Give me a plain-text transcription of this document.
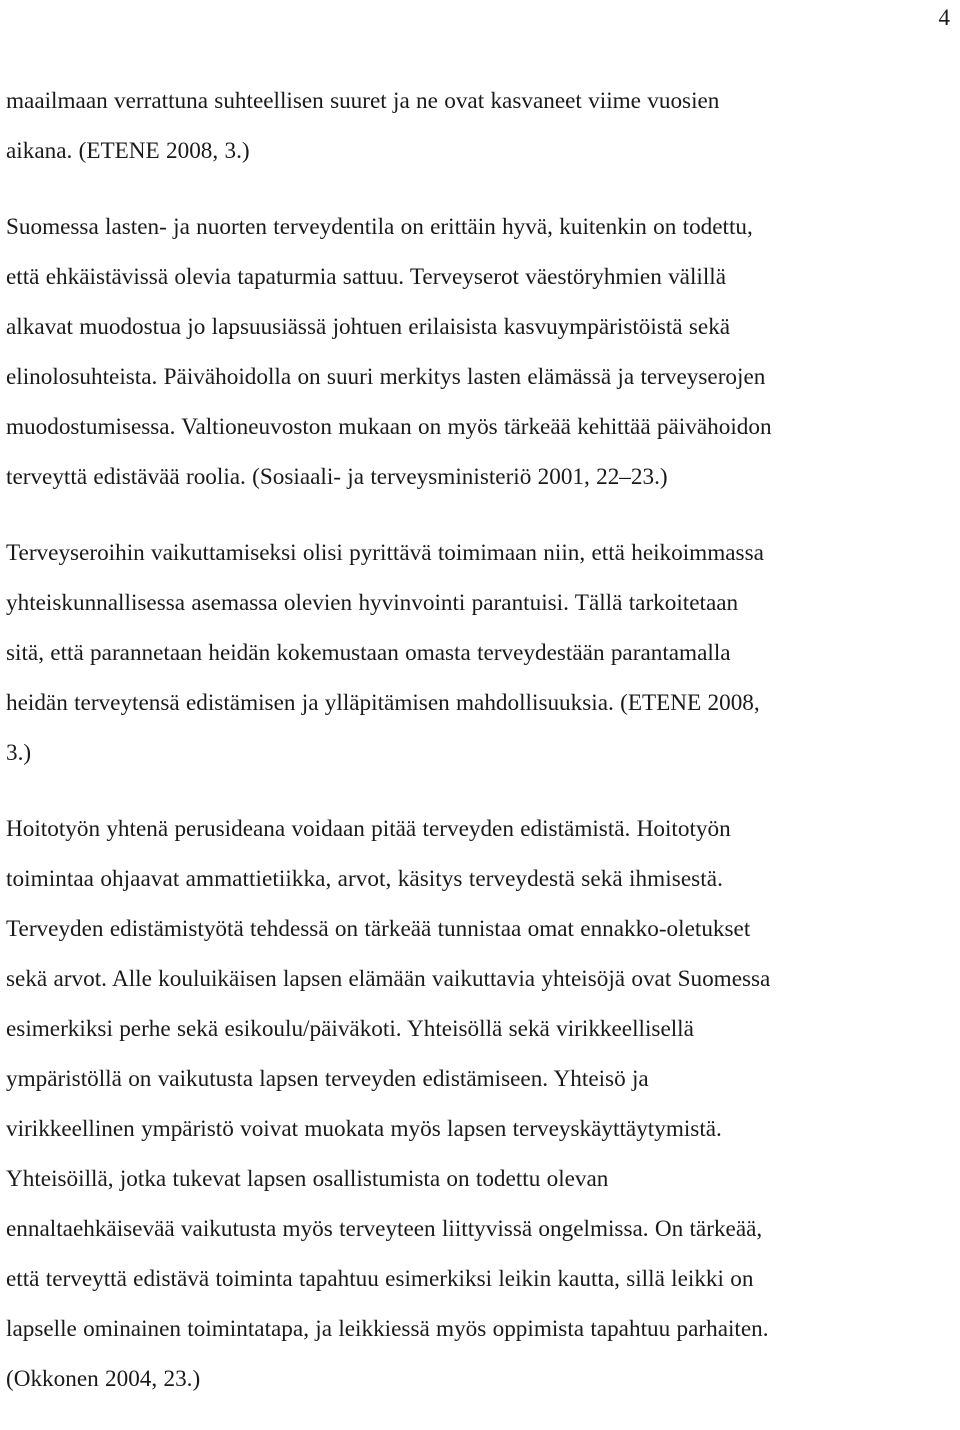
4

maailmaan verrattuna suhteellisen suuret ja ne ovat kasvaneet viime vuosien
aikana. (ETENE 2008, 3.)

Suomessa lasten- ja nuorten terveydentila on erittäin hyvä, kuitenkin on todettu,
että ehkäistävissä olevia tapaturmia sattuu. Terveyserot väestöryhmien välillä
alkavat muodostua jo lapsuusiässä johtuen erilaisista kasvuympäristöistä sekä
elinolosuhteista. Päivähoidolla on suuri merkitys lasten elämässä ja terveyserojen
muodostumisessa. Valtioneuvoston mukaan on myös tärkeää kehittää päivähoidon
terveyttä edistävää roolia. (Sosiaali- ja terveysministeriö 2001, 22–23.)

Terveyseroihin vaikuttamiseksi olisi pyrittävä toimimaan niin, että heikoimmassa
yhteiskunnallisessa asemassa olevien hyvinvointi parantuisi. Tällä tarkoitetaan
sitä, että parannetaan heidän kokemustaan omasta terveydestään parantamalla
heidän terveytensä edistämisen ja ylläpitämisen mahdollisuuksia. (ETENE 2008,
3.)

Hoitotyön yhtenä perusideana voidaan pitää terveyden edistämistä. Hoitotyön
toimintaa ohjaavat ammattietiikka, arvot, käsitys terveydestä sekä ihmisestä.
Terveyden edistämistyötä tehdessä on tärkeää tunnistaa omat ennakko-oletukset
sekä arvot. Alle kouluikäisen lapsen elämään vaikuttavia yhteisöjä ovat Suomessa
esimerkiksi perhe sekä esikoulu/päiväkoti. Yhteisöllä sekä virikkeellisellä
ympäristöllä on vaikutusta lapsen terveyden edistämiseen. Yhteisö ja
virikkeellinen ympäristö voivat muokata myös lapsen terveyskäyttäytymistä.
Yhteisöillä, jotka tukevat lapsen osallistumista on todettu olevan
ennaltaehkäisevää vaikutusta myös terveyteen liittyvissä ongelmissa. On tärkeää,
että terveyttä edistävä toiminta tapahtuu esimerkiksi leikin kautta, sillä leikki on
lapselle ominainen toimintatapa, ja leikkiessä myös oppimista tapahtuu parhaiten.
(Okkonen 2004, 23.)
